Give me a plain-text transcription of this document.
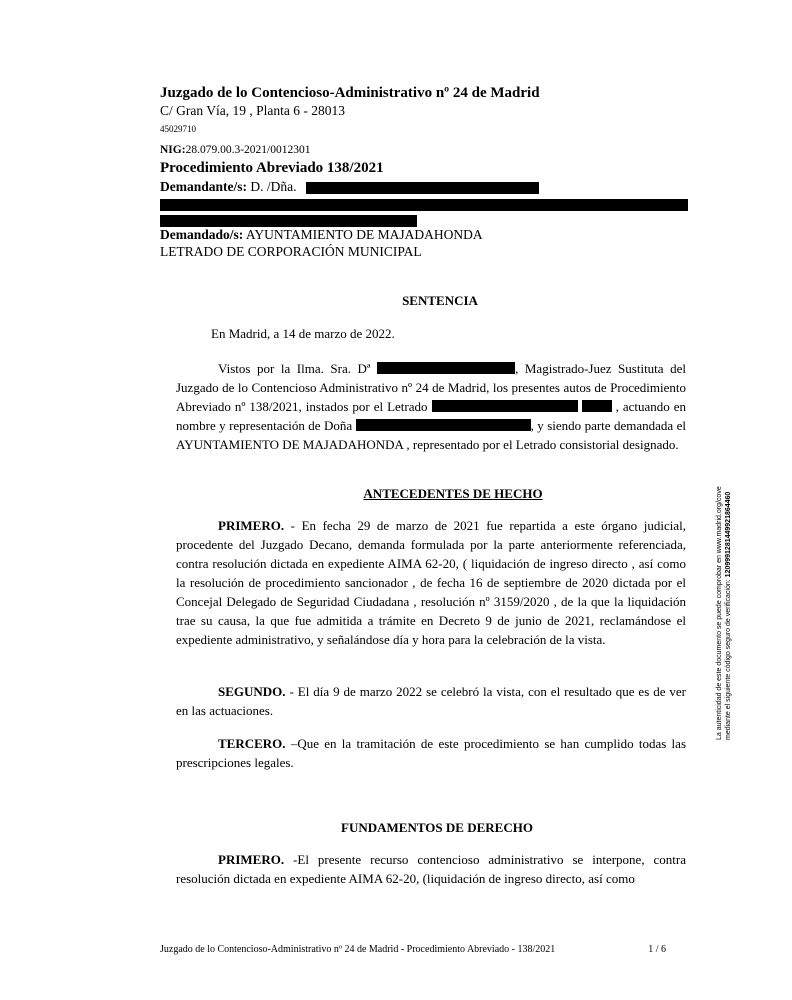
Juzgado de lo Contencioso-Administrativo nº 24 de Madrid
C/ Gran Vía, 19 , Planta 6 - 28013
45029710
NIG:28.079.00.3-2021/0012301
Procedimiento Abreviado 138/2021
Demandante/s: D. /Dña.
Demandado/s: AYUNTAMIENTO DE MAJADAHONDA
LETRADO DE CORPORACIÓN MUNICIPAL
SENTENCIA
En Madrid, a 14 de marzo de 2022.
Vistos por la Ilma. Sra. Dª	, Magistrado-Juez Sustituta del Juzgado de lo Contencioso Administrativo nº 24 de Madrid, los presentes autos de Procedimiento Abreviado nº 138/2021, instados por el Letrado	, actuando en nombre y representación de Doña	, y siendo parte demandada el AYUNTAMIENTO DE MAJADAHONDA , representado por el Letrado consistorial designado.
ANTECEDENTES DE HECHO
PRIMERO. - En fecha 29 de marzo de 2021 fue repartida a este órgano judicial, procedente del Juzgado Decano, demanda formulada por la parte anteriormente referenciada, contra resolución dictada en expediente AIMA 62-20, ( liquidación de ingreso directo , así como la resolución de procedimiento sancionador , de fecha 16 de septiembre de 2020 dictada por el Concejal Delegado de Seguridad Ciudadana , resolución nº 3159/2020 , de la que la liquidación trae su causa, la que fue admitida a trámite en Decreto 9 de junio de 2021, reclamándose el expediente administrativo, y señalándose día y hora para la celebración de la vista.
SEGUNDO. - El día 9 de marzo 2022 se celebró la vista, con el resultado que es de ver en las actuaciones.
TERCERO. –Que en la tramitación de este procedimiento se han cumplido todas las prescripciones legales.
FUNDAMENTOS DE DERECHO
PRIMERO. -El presente recurso contencioso administrativo se interpone, contra resolución dictada en expediente AIMA 62-20, (liquidación de ingreso directo, así como
La autenticidad de este documento se puede comprobar en www.madrid.org/cove mediante el siguiente código seguro de verificación: 1209991281449921864460
Juzgado de lo Contencioso-Administrativo nº 24 de Madrid - Procedimiento Abreviado - 138/2021	1 / 6
